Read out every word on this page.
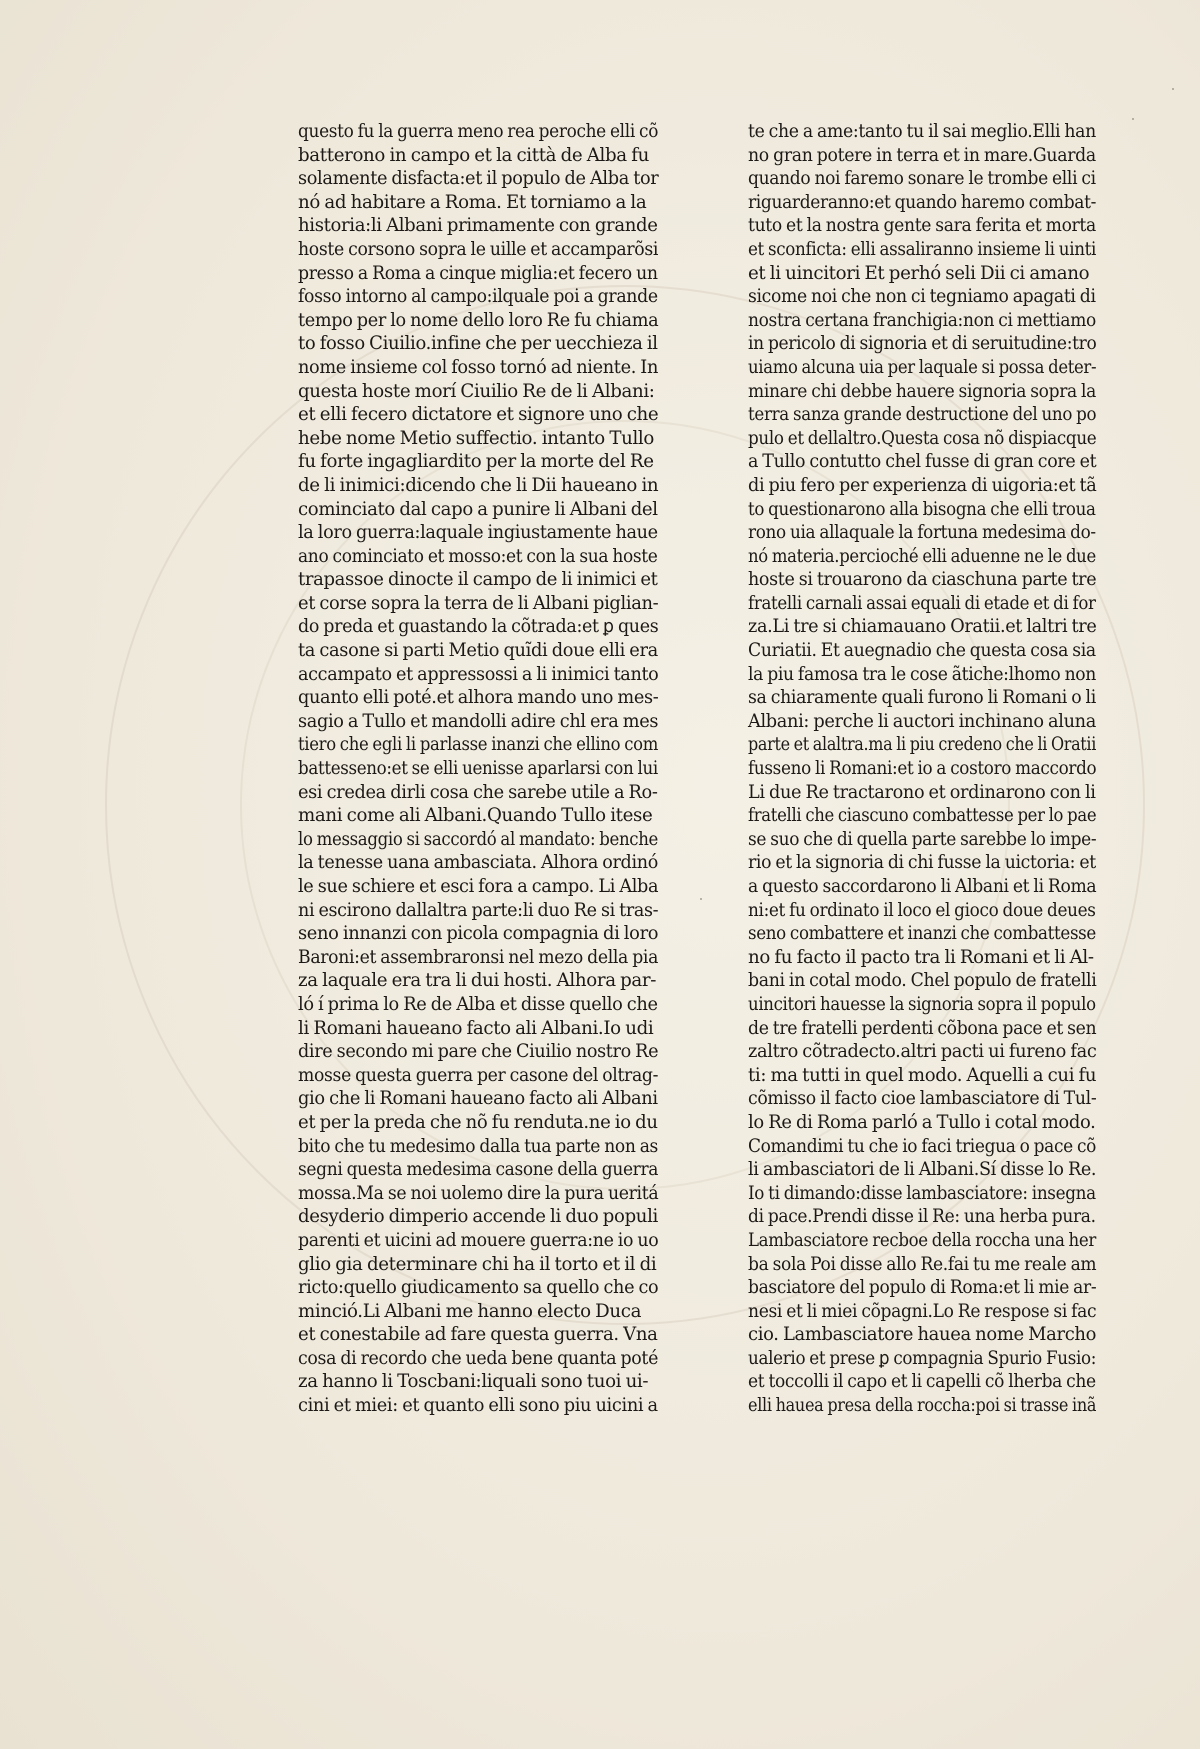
questo fu la guerra meno rea peroche elli cõ
batterono in campo et la città de Alba fu
solamente disfacta:et il populo de Alba tor
nó ad habitare a Roma. Et torniamo a la
historia:li Albani primamente con grande
hoste corsono sopra le uille et accamparõsi
presso a Roma a cinque miglia:et fecero un
fosso intorno al campo:ilquale poi a grande
tempo per lo nome dello loro Re fu chiama
to fosso Ciuilio.infine che per uecchieza il
nome insieme col fosso tornó ad niente. In
questa hoste morí Ciuilio Re de li Albani:
et elli fecero dictatore et signore uno che
hebe nome Metio suffectio. intanto Tullo
fu forte ingagliardito per la morte del Re
de li inimici:dicendo che li Dii haueano in
cominciato dal capo a punire li Albani del
la loro guerra:laquale ingiustamente haue
ano cominciato et mosso:et con la sua hoste
trapassoe dinocte il campo de li inimici et
et corse sopra la terra de li Albani piglian-
do preda et guastando la cõtrada:et ꝑ ques
ta casone si parti Metio quĩdi doue elli era
accampato et appressossi a li inimici tanto
quanto elli poté.et alhora mando uno mes-
sagio a Tullo et mandolli adire chl era mes
tiero che egli li parlasse inanzi che ellino com
battesseno:et se elli uenisse aparlarsi con lui
esi credea dirli cosa che sarebe utile a Ro-
mani come ali Albani.Quando Tullo itese
lo messaggio si saccordó al mandato: benche
la tenesse uana ambasciata. Alhora ordinó
le sue schiere et esci fora a campo. Li Alba
ni escirono dallaltra parte:li duo Re si tras-
seno innanzi con picola compagnia di loro
Baroni:et assembraronsi nel mezo della pia
za laquale era tra li dui hosti. Alhora par-
ló í prima lo Re de Alba et disse quello che
li Romani haueano facto ali Albani.Io udi
dire secondo mi pare che Ciuilio nostro Re
mosse questa guerra per casone del oltrag-
gio che li Romani haueano facto ali Albani
et per la preda che nõ fu renduta.ne io du
bito che tu medesimo dalla tua parte non as
segni questa medesima casone della guerra
mossa.Ma se noi uolemo dire la pura ueritá
desyderio dimperio accende li duo populi
parenti et uicini ad mouere guerra:ne io uo
glio gia determinare chi ha il torto et il di
ricto:quello giudicamento sa quello che co
minció.Li Albani me hanno electo Duca
et conestabile ad fare questa guerra. Vna
cosa di recordo che ueda bene quanta poté
za hanno li Toscbani:liquali sono tuoi ui-
cini et miei: et quanto elli sono piu uicini a
te che a ame:tanto tu il sai meglio.Elli han
no gran potere in terra et in mare.Guarda
quando noi faremo sonare le trombe elli ci
riguarderanno:et quando haremo combat-
tuto et la nostra gente sara ferita et morta
et sconficta: elli assaliranno insieme li uinti
et li uincitori Et perhó seli Dii ci amano
sicome noi che non ci tegniamo apagati di
nostra certana franchigia:non ci mettiamo
in pericolo di signoria et di seruitudine:tro
uiamo alcuna uia per laquale si possa deter-
minare chi debbe hauere signoria sopra la
terra sanza grande destructione del uno po
pulo et dellaltro.Questa cosa nõ dispiacque
a Tullo contutto chel fusse di gran core et
di piu fero per experienza di uigoria:et tã
to questionarono alla bisogna che elli troua
rono uia allaquale la fortuna medesima do-
nó materia.percioché elli aduenne ne le due
hoste si trouarono da ciaschuna parte tre
fratelli carnali assai equali di etade et di for
za.Li tre si chiamauano Oratii.et laltri tre
Curiatii. Et auegnadio che questa cosa sia
la piu famosa tra le cose ãtiche:lhomo non
sa chiaramente quali furono li Romani o li
Albani: perche li auctori inchinano aluna
parte et alaltra.ma li piu credeno che li Oratii
fusseno li Romani:et io a costoro maccordo
Li due Re tractarono et ordinarono con li
fratelli che ciascuno combattesse per lo pae
se suo che di quella parte sarebbe lo impe-
rio et la signoria di chi fusse la uictoria: et
a questo saccordarono li Albani et li Roma
ni:et fu ordinato il loco el gioco doue deues
seno combattere et inanzi che combattesse
no fu facto il pacto tra li Romani et li Al-
bani in cotal modo. Chel populo de fratelli
uincitori hauesse la signoria sopra il populo
de tre fratelli perdenti cõbona pace et sen
zaltro cõtradecto.altri pacti ui fureno fac
ti: ma tutti in quel modo. Aquelli a cui fu
cõmisso il facto cioe lambasciatore di Tul-
lo Re di Roma parló a Tullo i cotal modo.
Comandimi tu che io faci triegua o pace cõ
li ambasciatori de li Albani.Sí disse lo Re.
Io ti dimando:disse lambasciatore: insegna
di pace.Prendi disse il Re: una herba pura.
Lambasciatore recboe della roccha una her
ba sola Poi disse allo Re.fai tu me reale am
basciatore del populo di Roma:et li mie ar-
nesi et li miei cõpagni.Lo Re respose si fac
cio. Lambasciatore hauea nome Marcho
ualerio et prese ꝑ compagnia Spurio Fusio:
et toccolli il capo et li capelli cõ lherba che
elli hauea presa della roccha:poi si trasse inã
